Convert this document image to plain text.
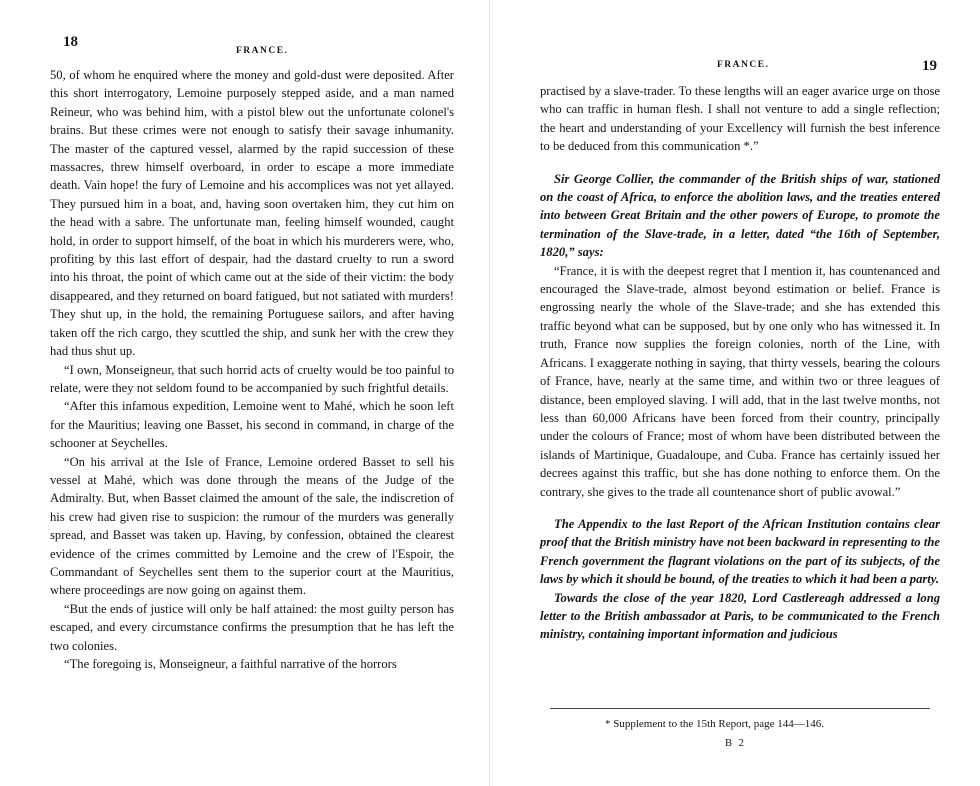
18
FRANCE.

50, of whom he enquired where the money and gold-dust were deposited. After this short interrogatory, Lemoine purposely stepped aside, and a man named Reineur, who was behind him, with a pistol blew out the unfortunate colonel's brains. But these crimes were not enough to satisfy their savage inhumanity. The master of the captured vessel, alarmed by the rapid succession of these massacres, threw himself overboard, in order to escape a more immediate death. Vain hope! the fury of Lemoine and his accomplices was not yet allayed. They pursued him in a boat, and, having soon overtaken him, they cut him on the head with a sabre. The unfortunate man, feeling himself wounded, caught hold, in order to support himself, of the boat in which his murderers were, who, profiting by this last effort of despair, had the dastard cruelty to run a sword into his throat, the point of which came out at the side of their victim: the body disappeared, and they returned on board fatigued, but not satiated with murders! They shut up, in the hold, the remaining Portuguese sailors, and after having taken off the rich cargo, they scuttled the ship, and sunk her with the crew they had thus shut up.

“I own, Monseigneur, that such horrid acts of cruelty would be too painful to relate, were they not seldom found to be accompanied by such frightful details.

“After this infamous expedition, Lemoine went to Mahé, which he soon left for the Mauritius; leaving one Basset, his second in command, in charge of the schooner at Seychelles.

“On his arrival at the Isle of France, Lemoine ordered Basset to sell his vessel at Mahé, which was done through the means of the Judge of the Admiralty. But, when Basset claimed the amount of the sale, the indiscretion of his crew had given rise to suspicion: the rumour of the murders was generally spread, and Basset was taken up. Having, by confession, obtained the clearest evidence of the crimes committed by Lemoine and the crew of l'Espoir, the Commandant of Seychelles sent them to the superior court at the Mauritius, where proceedings are now going on against them.

“But the ends of justice will only be half attained: the most guilty person has escaped, and every circumstance confirms the presumption that he has left the two colonies.

“The foregoing is, Monseigneur, a faithful narrative of the horrors

FRANCE.	19

practised by a slave-trader. To these lengths will an eager avarice urge on those who can traffic in human flesh. I shall not venture to add a single reflection; the heart and understanding of your Excellency will furnish the best inference to be deduced from this communication *.”

Sir George Collier, the commander of the British ships of war, stationed on the coast of Africa, to enforce the abolition laws, and the treaties entered into between Great Britain and the other powers of Europe, to promote the termination of the Slave-trade, in a letter, dated “the 16th of September, 1820,” says:

“France, it is with the deepest regret that I mention it, has countenanced and encouraged the Slave-trade, almost beyond estimation or belief. France is engrossing nearly the whole of the Slave-trade; and she has extended this traffic beyond what can be supposed, but by one only who has witnessed it. In truth, France now supplies the foreign colonies, north of the Line, with Africans. I exaggerate nothing in saying, that thirty vessels, bearing the colours of France, have, nearly at the same time, and within two or three leagues of distance, been employed slaving. I will add, that in the last twelve months, not less than 60,000 Africans have been forced from their country, principally under the colours of France; most of whom have been distributed between the islands of Martinique, Guadaloupe, and Cuba. France has certainly issued her decrees against this traffic, but she has done nothing to enforce them. On the contrary, she gives to the trade all countenance short of public avowal.”

The Appendix to the last Report of the African Institution contains clear proof that the British ministry have not been backward in representing to the French government the flagrant violations on the part of its subjects, of the laws by which it should be bound, of the treaties to which it had been a party.

Towards the close of the year 1820, Lord Castlereagh addressed a long letter to the British ambassador at Paris, to be communicated to the French ministry, containing important information and judicious

* Supplement to the 15th Report, page 144—146.
B 2
